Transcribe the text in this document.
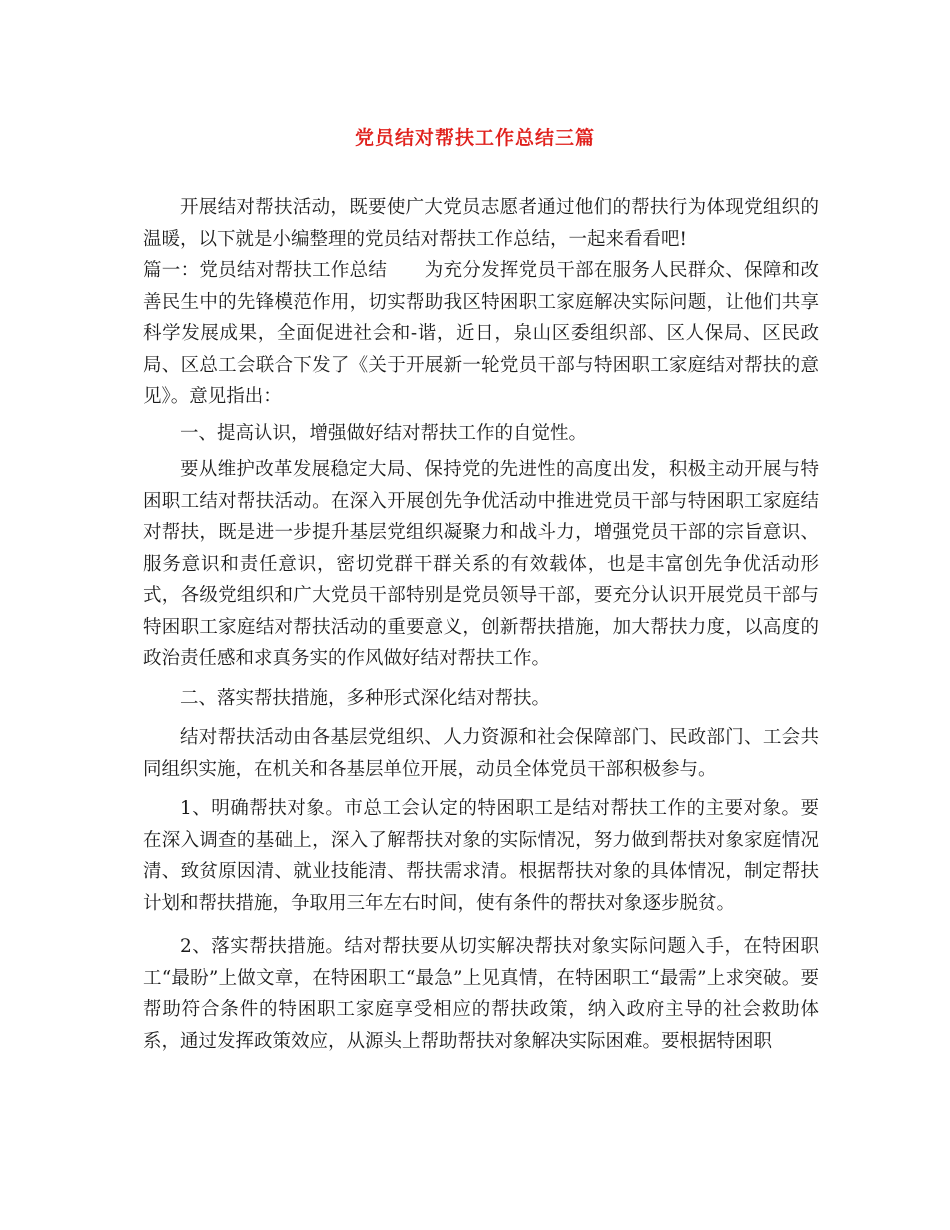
党员结对帮扶工作总结三篇

开展结对帮扶活动，既要使广大党员志愿者通过他们的帮扶行为体现党组织的温暖，以下就是小编整理的党员结对帮扶工作总结，一起来看看吧!

篇一：党员结对帮扶工作总结　　为充分发挥党员干部在服务人民群众、保障和改善民生中的先锋模范作用，切实帮助我区特困职工家庭解决实际问题，让他们共享科学发展成果，全面促进社会和-谐，近日，泉山区委组织部、区人保局、区民政局、区总工会联合下发了《关于开展新一轮党员干部与特困职工家庭结对帮扶的意见》。意见指出：

一、提高认识，增强做好结对帮扶工作的自觉性。

要从维护改革发展稳定大局、保持党的先进性的高度出发，积极主动开展与特困职工结对帮扶活动。在深入开展创先争优活动中推进党员干部与特困职工家庭结对帮扶，既是进一步提升基层党组织凝聚力和战斗力，增强党员干部的宗旨意识、服务意识和责任意识，密切党群干群关系的有效载体，也是丰富创先争优活动形式，各级党组织和广大党员干部特别是党员领导干部，要充分认识开展党员干部与特困职工家庭结对帮扶活动的重要意义，创新帮扶措施，加大帮扶力度，以高度的政治责任感和求真务实的作风做好结对帮扶工作。

二、落实帮扶措施，多种形式深化结对帮扶。

结对帮扶活动由各基层党组织、人力资源和社会保障部门、民政部门、工会共同组织实施，在机关和各基层单位开展，动员全体党员干部积极参与。

1、明确帮扶对象。市总工会认定的特困职工是结对帮扶工作的主要对象。要在深入调查的基础上，深入了解帮扶对象的实际情况，努力做到帮扶对象家庭情况清、致贫原因清、就业技能清、帮扶需求清。根据帮扶对象的具体情况，制定帮扶计划和帮扶措施，争取用三年左右时间，使有条件的帮扶对象逐步脱贫。

2、落实帮扶措施。结对帮扶要从切实解决帮扶对象实际问题入手，在特困职工“最盼”上做文章，在特困职工“最急”上见真情，在特困职工“最需”上求突破。要帮助符合条件的特困职工家庭享受相应的帮扶政策，纳入政府主导的社会救助体系，通过发挥政策效应，从源头上帮助帮扶对象解决实际困难。要根据特困职
